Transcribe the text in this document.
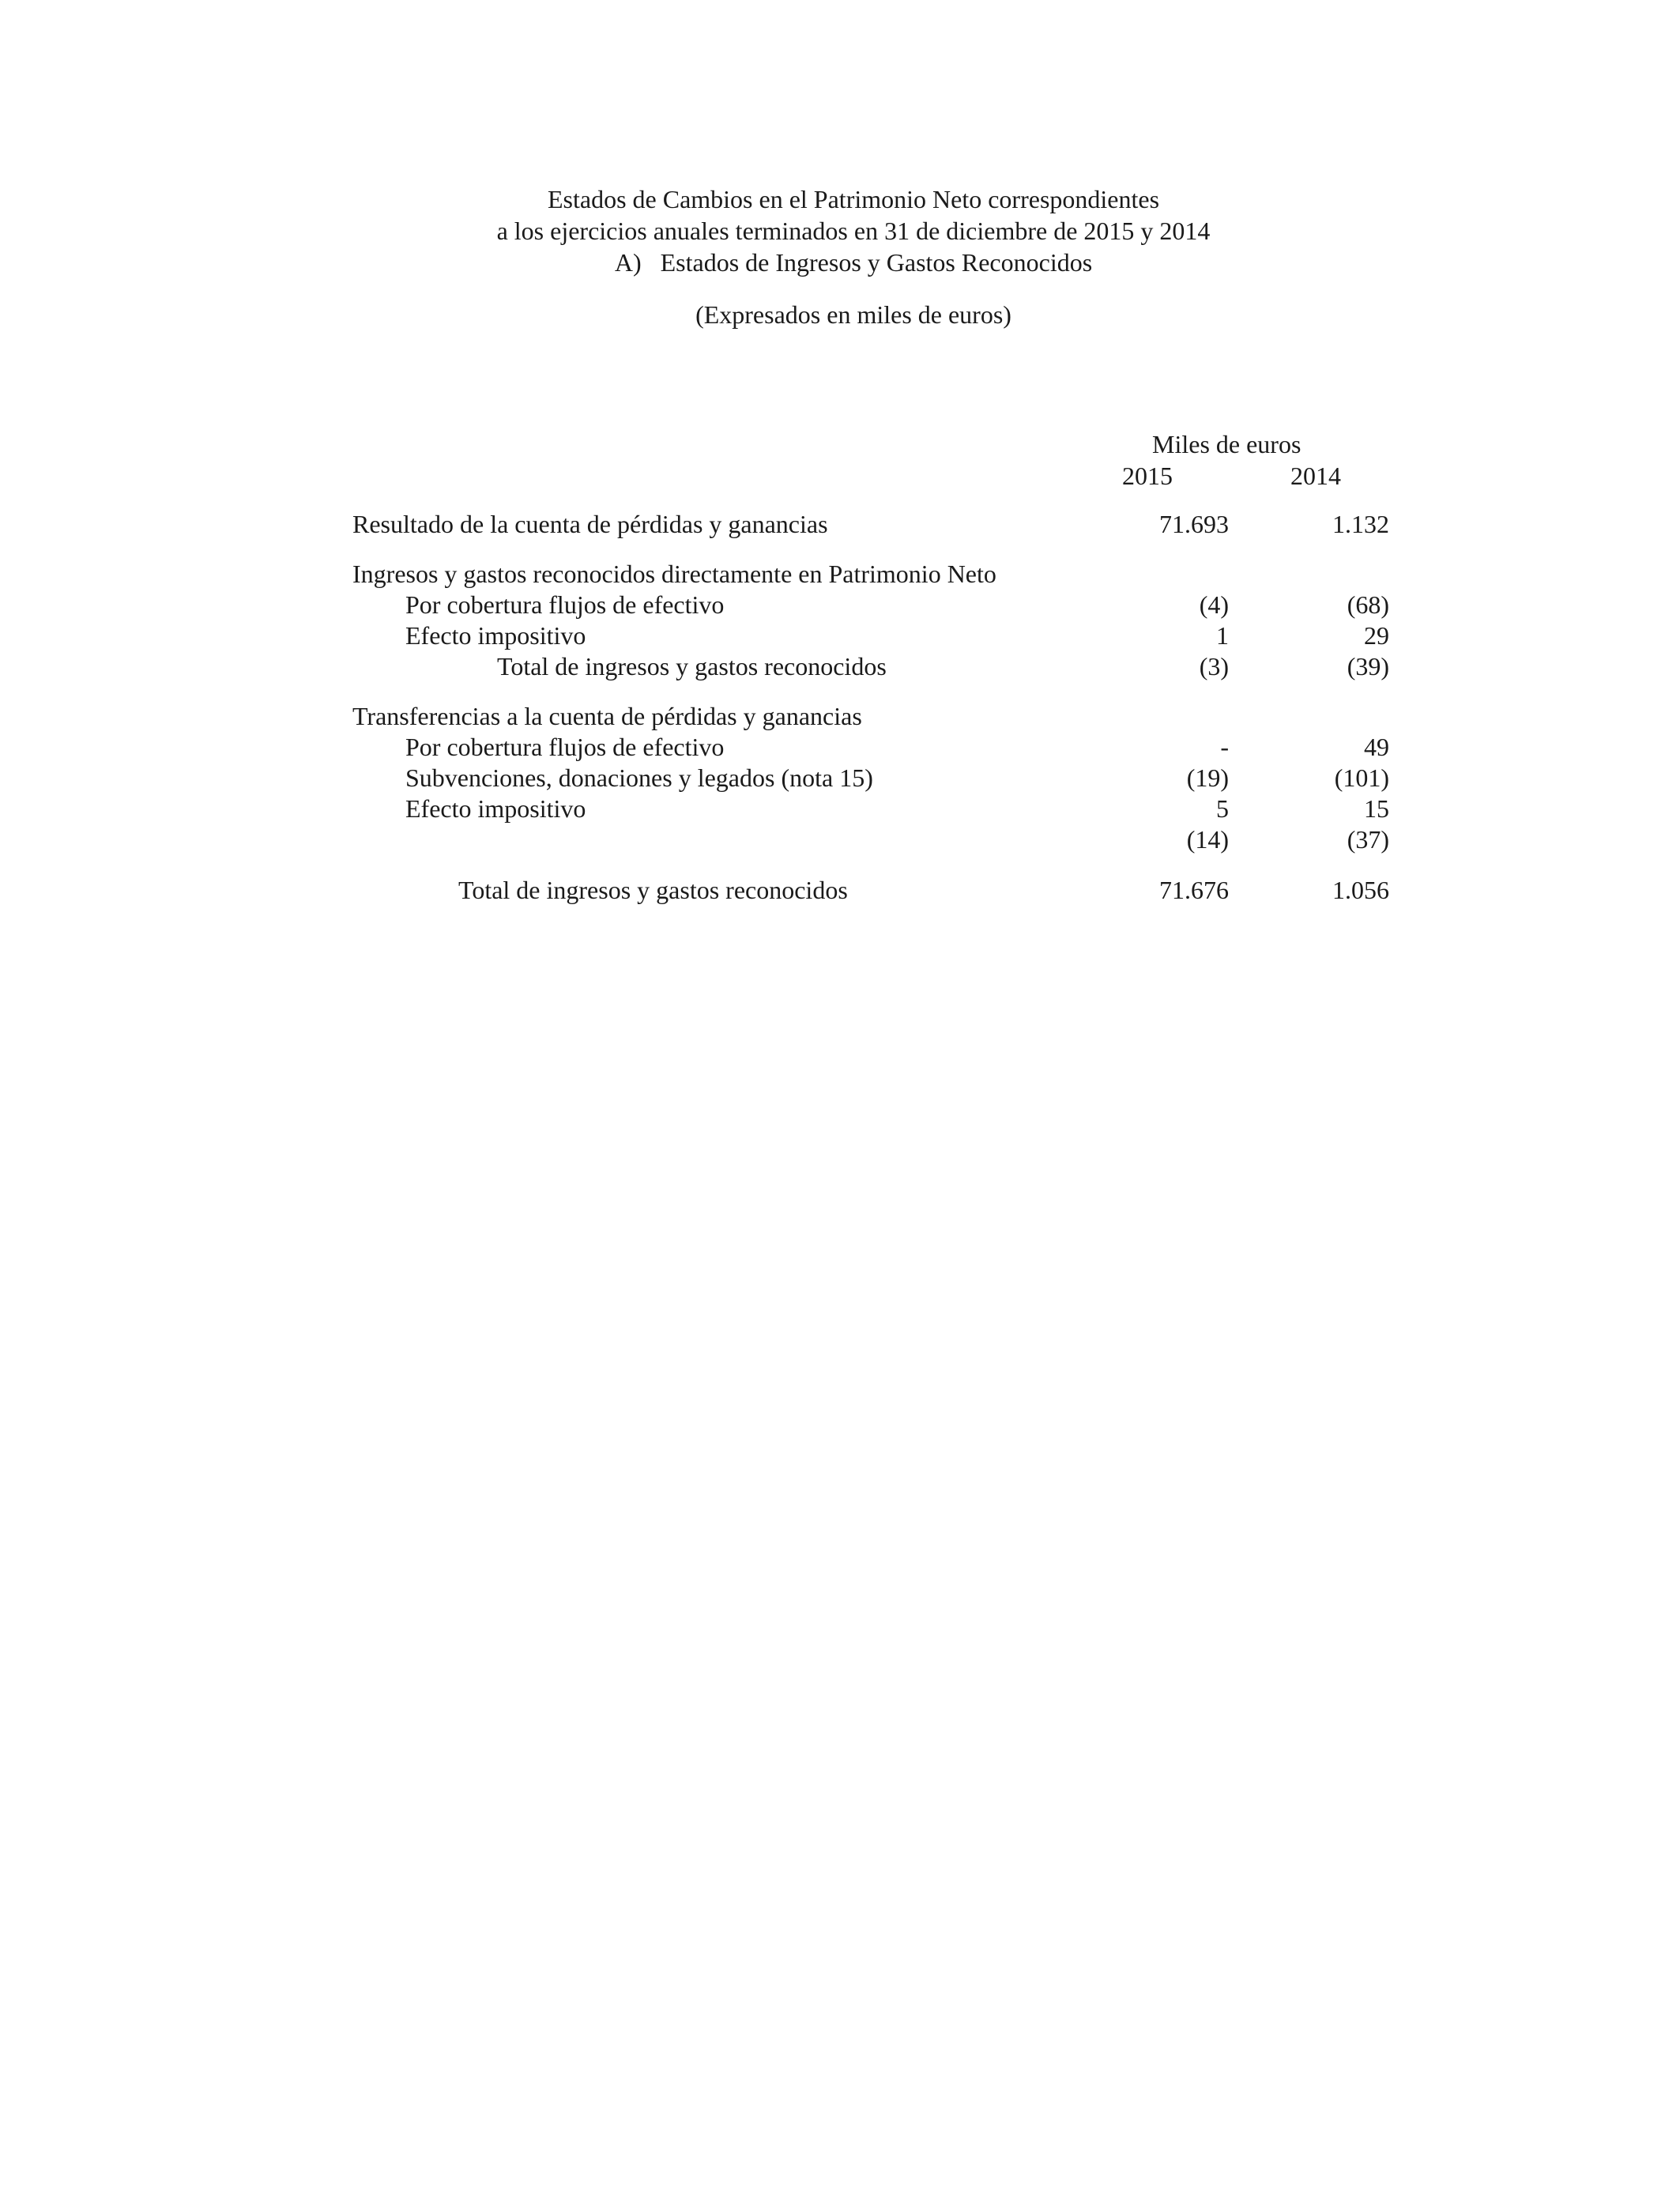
Estados de Cambios en el Patrimonio Neto correspondientes
a los ejercicios anuales terminados en 31 de diciembre de 2015 y 2014
A)   Estados de Ingresos y Gastos Reconocidos
(Expresados en miles de euros)
Miles de euros
2015	2014
Resultado de la cuenta de pérdidas y ganancias	71.693	1.132
Ingresos y gastos reconocidos directamente en Patrimonio Neto
Por cobertura flujos de efectivo	(4)	(68)
Efecto impositivo	1	29
Total de ingresos y gastos reconocidos	(3)	(39)
Transferencias a la cuenta de pérdidas y ganancias
Por cobertura flujos de efectivo	-	49
Subvenciones, donaciones y legados (nota 15)	(19)	(101)
Efecto impositivo	5	15
(14)	(37)
Total de ingresos y gastos reconocidos	71.676	1.056
